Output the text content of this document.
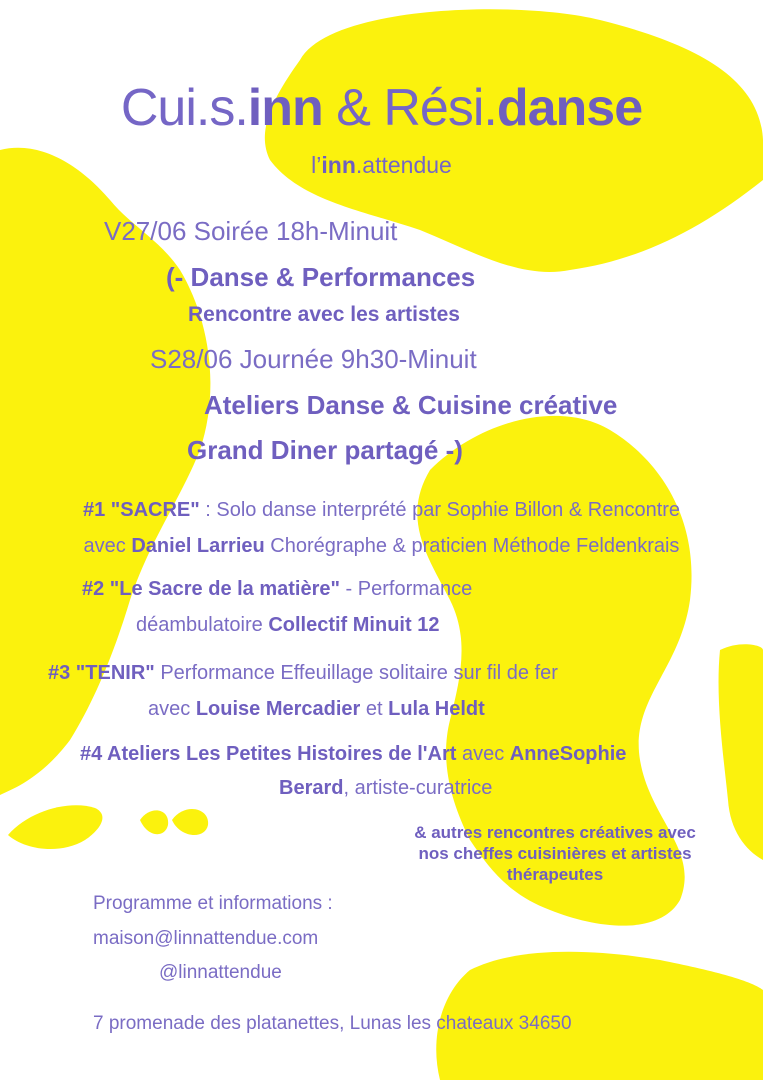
Cui.s.inn & Rési.danse
l’inn.attendue
V27/06 Soirée 18h-Minuit
(- Danse & Performances
Rencontre avec les artistes
S28/06 Journée 9h30-Minuit
Ateliers Danse & Cuisine créative
Grand Diner partagé -)
#1 "SACRE" : Solo danse interprété par Sophie Billon & Rencontre
avec Daniel Larrieu Chorégraphe & praticien Méthode Feldenkrais
#2 "Le Sacre de la matière" - Performance
déambulatoire Collectif Minuit 12
#3 "TENIR" Performance Effeuillage solitaire sur fil de fer
avec Louise Mercadier et Lula Heldt
#4 Ateliers Les Petites Histoires de l'Art avec AnneSophie
Berard, artiste-curatrice
& autres rencontres créatives avec nos cheffes cuisinières et artistes thérapeutes
Programme et informations :
maison@linnattendue.com
@linnattendue
7 promenade des platanettes, Lunas les chateaux 34650
